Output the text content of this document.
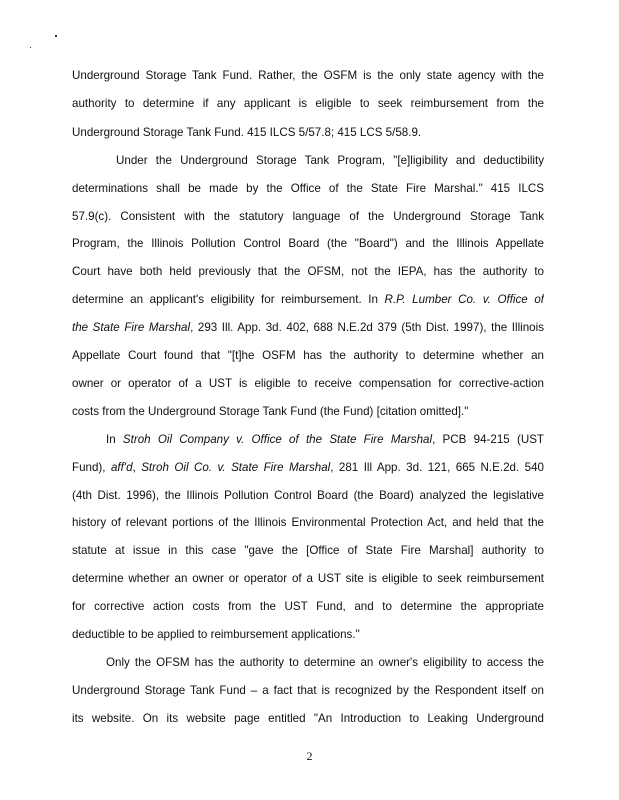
Underground Storage Tank Fund. Rather, the OSFM is the only state agency with the
authority to determine if any applicant is eligible to seek reimbursement from the
Underground Storage Tank Fund. 415 ILCS 5/57.8; 415 LCS 5/58.9.
Under the Underground Storage Tank Program, "[e]ligibility and deductibility
determinations shall be made by the Office of the State Fire Marshal." 415 ILCS
57.9(c). Consistent with the statutory language of the Underground Storage Tank
Program, the Illinois Pollution Control Board (the "Board") and the Illinois Appellate
Court have both held previously that the OFSM, not the IEPA, has the authority to
determine an applicant's eligibility for reimbursement. In R.P. Lumber Co. v. Office of
the State Fire Marshal, 293 Ill. App. 3d. 402, 688 N.E.2d 379 (5th Dist. 1997), the Illinois
Appellate Court found that "[t]he OSFM has the authority to determine whether an
owner or operator of a UST is eligible to receive compensation for corrective-action
costs from the Underground Storage Tank Fund (the Fund) [citation omitted]."
In Stroh Oil Company v. Office of the State Fire Marshal, PCB 94-215 (UST
Fund), aff'd, Stroh Oil Co. v. State Fire Marshal, 281 Ill App. 3d. 121, 665 N.E.2d. 540
(4th Dist. 1996), the Illinois Pollution Control Board (the Board) analyzed the legislative
history of relevant portions of the Illinois Environmental Protection Act, and held that the
statute at issue in this case "gave the [Office of State Fire Marshal] authority to
determine whether an owner or operator of a UST site is eligible to seek reimbursement
for corrective action costs from the UST Fund, and to determine the appropriate
deductible to be applied to reimbursement applications."
Only the OFSM has the authority to determine an owner's eligibility to access the
Underground Storage Tank Fund – a fact that is recognized by the Respondent itself on
its website. On its website page entitled "An Introduction to Leaking Underground
2
